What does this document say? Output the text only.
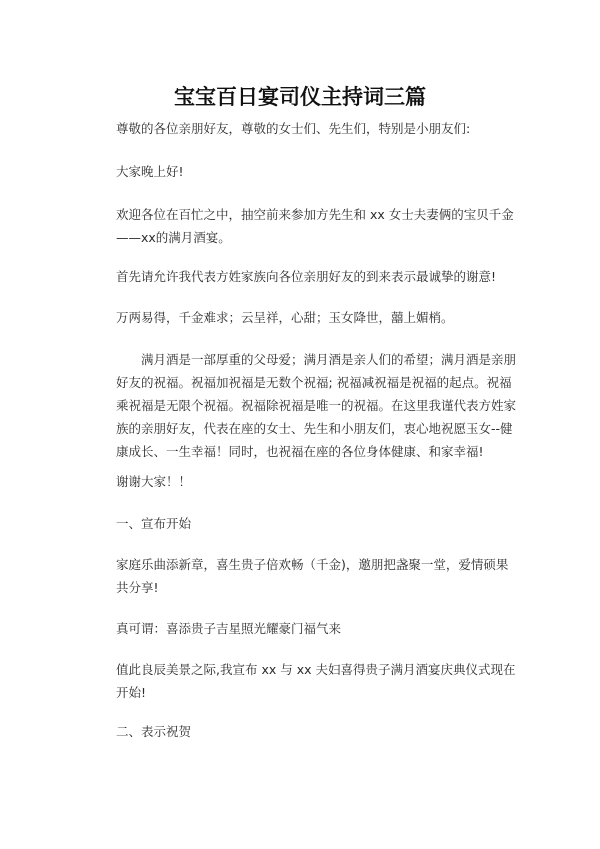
宝宝百日宴司仪主持词三篇
尊敬的各位亲朋好友，尊敬的女士们、先生们，特别是小朋友们:
大家晚上好!
欢迎各位在百忙之中，抽空前来参加方先生和 xx 女士夫妻俩的宝贝千金——xx的满月酒宴。
首先请允许我代表方姓家族向各位亲朋好友的到来表示最诚挚的谢意!
万两易得，千金难求；云呈祥，心甜；玉女降世，囍上媚梢。
满月酒是一部厚重的父母爱；满月酒是亲人们的希望；满月酒是亲朋好友的祝福。祝福加祝福是无数个祝福; 祝福减祝福是祝福的起点。祝福乘祝福是无限个祝福。祝福除祝福是唯一的祝福。在这里我谨代表方姓家族的亲朋好友，代表在座的女士、先生和小朋友们，衷心地祝愿玉女--健康成长、一生幸福！同时，也祝福在座的各位身体健康、和家幸福!
谢谢大家！！
一、宣布开始
家庭乐曲添新章，喜生贵子倍欢畅（千金)，邀朋把盏聚一堂，爱情硕果共分享!
真可谓：喜添贵子吉星照光耀豪门福气来
值此良辰美景之际,我宣布 xx 与 xx 夫妇喜得贵子满月酒宴庆典仪式现在开始!
二、表示祝贺
